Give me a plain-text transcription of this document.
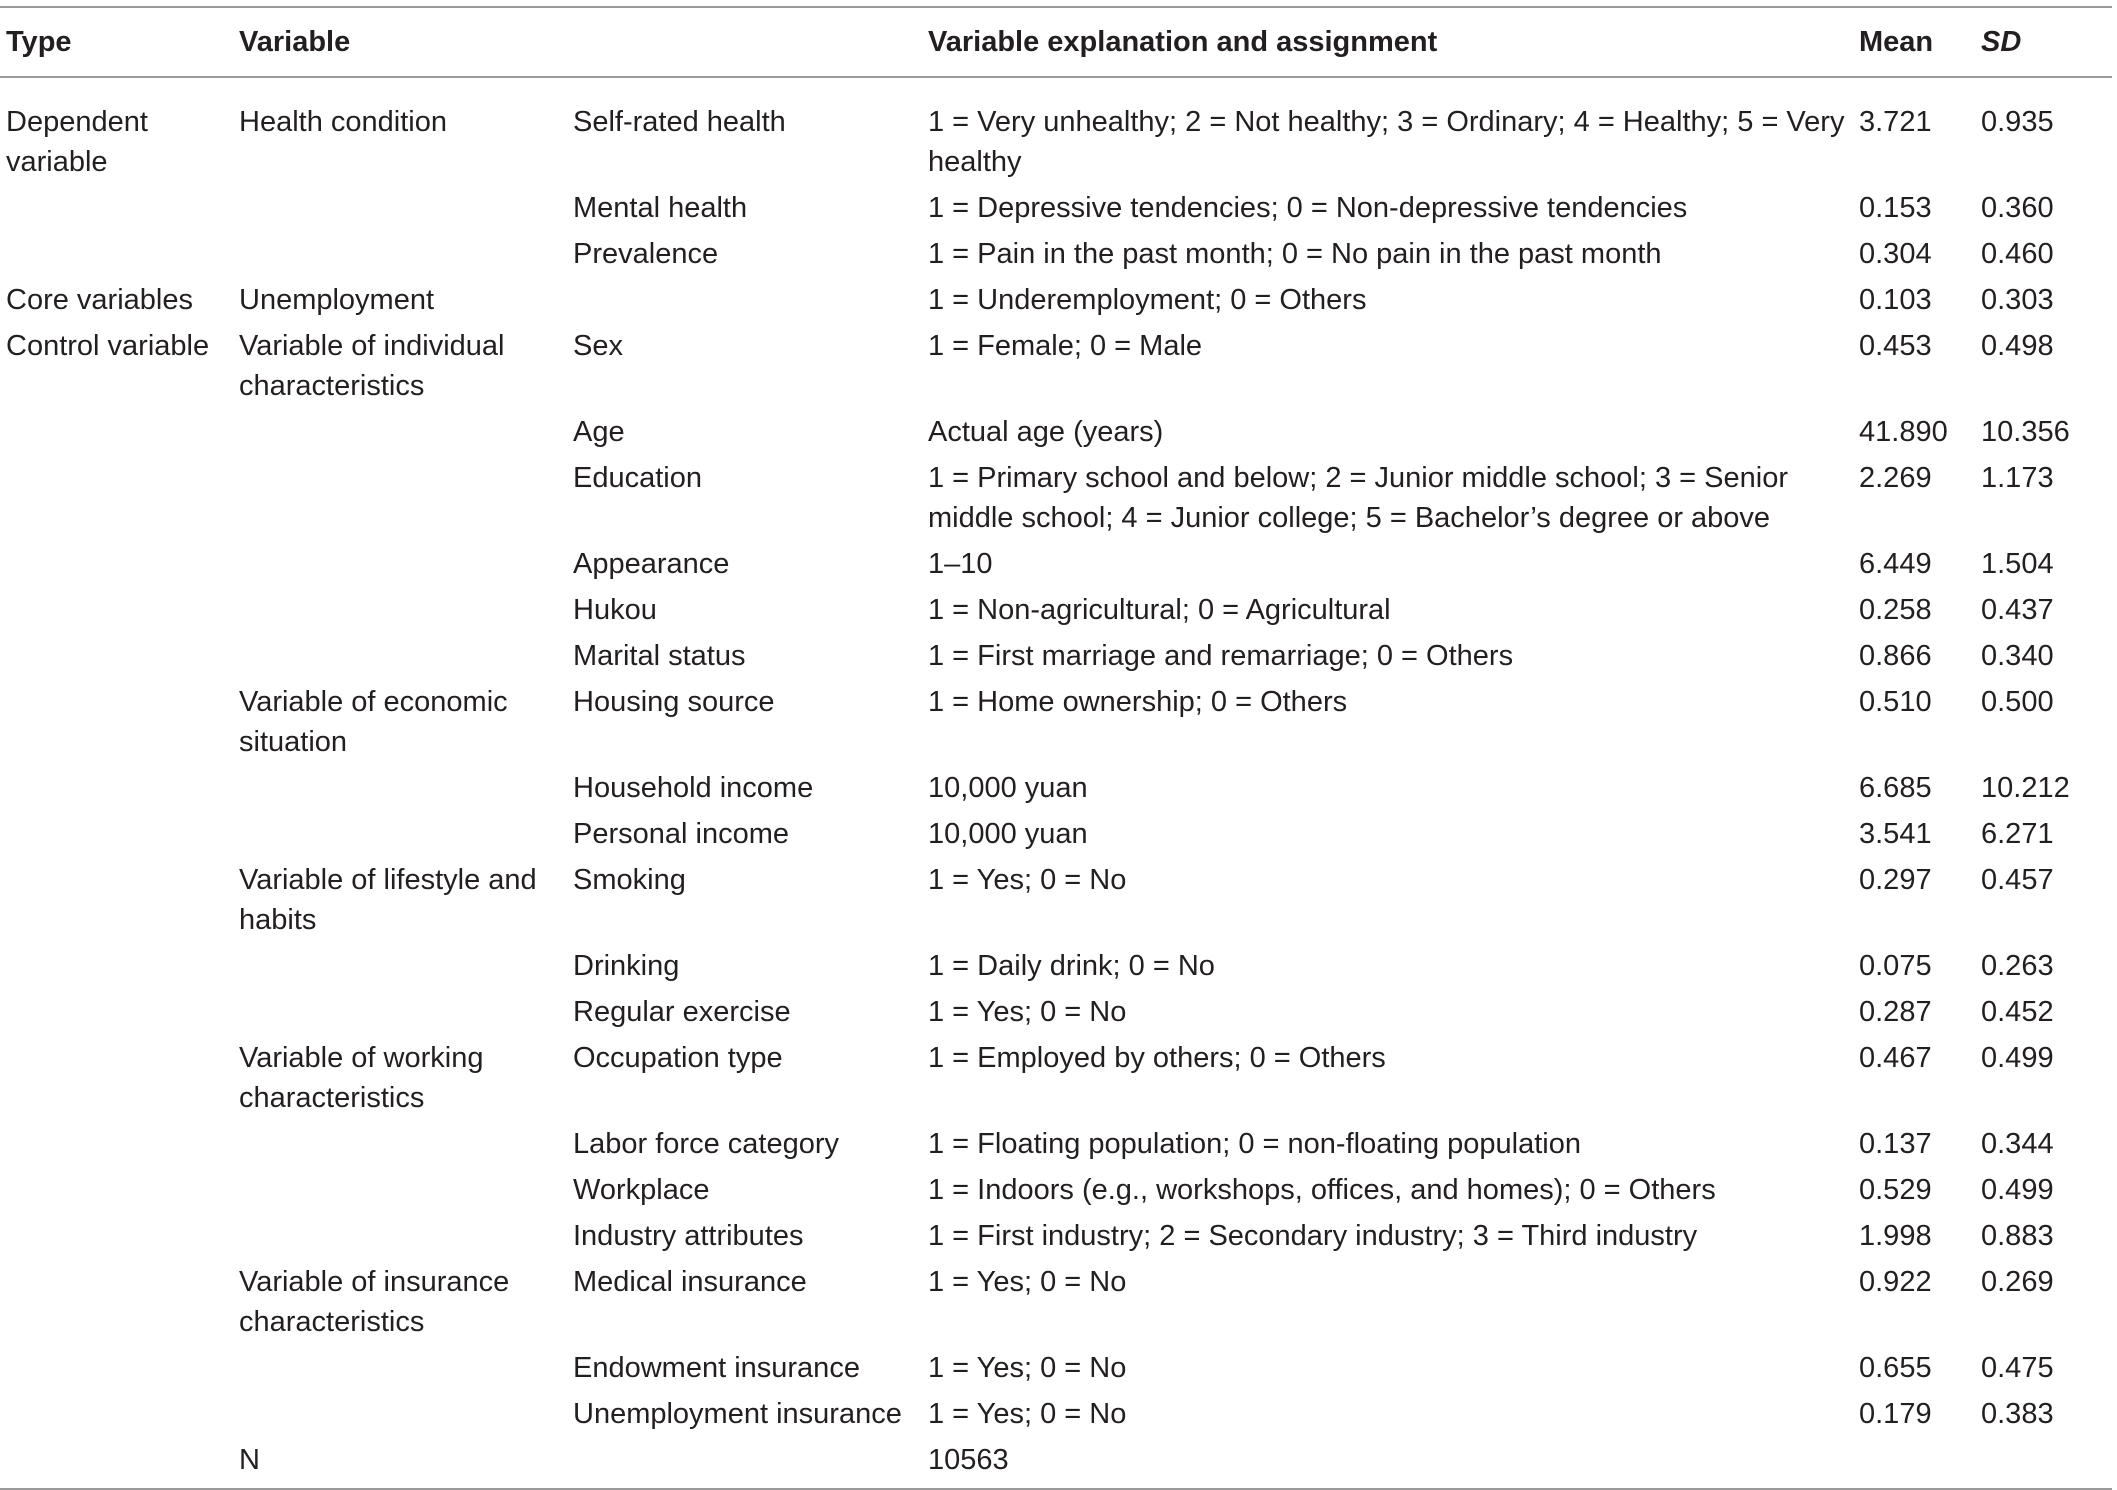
Type	Variable		Variable explanation and assignment	Mean	SD
Dependent variable	Health condition	Self-rated health	1 = Very unhealthy; 2 = Not healthy; 3 = Ordinary; 4 = Healthy; 5 = Very healthy	3.721	0.935
		Mental health	1 = Depressive tendencies; 0 = Non-depressive tendencies	0.153	0.360
		Prevalence	1 = Pain in the past month; 0 = No pain in the past month	0.304	0.460
Core variables	Unemployment		1 = Underemployment; 0 = Others	0.103	0.303
Control variable	Variable of individual characteristics	Sex	1 = Female; 0 = Male	0.453	0.498
		Age	Actual age (years)	41.890	10.356
		Education	1 = Primary school and below; 2 = Junior middle school; 3 = Senior middle school; 4 = Junior college; 5 = Bachelor’s degree or above	2.269	1.173
		Appearance	1–10	6.449	1.504
		Hukou	1 = Non-agricultural; 0 = Agricultural	0.258	0.437
		Marital status	1 = First marriage and remarriage; 0 = Others	0.866	0.340
	Variable of economic situation	Housing source	1 = Home ownership; 0 = Others	0.510	0.500
		Household income	10,000 yuan	6.685	10.212
		Personal income	10,000 yuan	3.541	6.271
	Variable of lifestyle and habits	Smoking	1 = Yes; 0 = No	0.297	0.457
		Drinking	1 = Daily drink; 0 = No	0.075	0.263
		Regular exercise	1 = Yes; 0 = No	0.287	0.452
	Variable of working characteristics	Occupation type	1 = Employed by others; 0 = Others	0.467	0.499
		Labor force category	1 = Floating population; 0 = non-floating population	0.137	0.344
		Workplace	1 = Indoors (e.g., workshops, offices, and homes); 0 = Others	0.529	0.499
		Industry attributes	1 = First industry; 2 = Secondary industry; 3 = Third industry	1.998	0.883
	Variable of insurance characteristics	Medical insurance	1 = Yes; 0 = No	0.922	0.269
		Endowment insurance	1 = Yes; 0 = No	0.655	0.475
		Unemployment insurance	1 = Yes; 0 = No	0.179	0.383
	N		10563		
